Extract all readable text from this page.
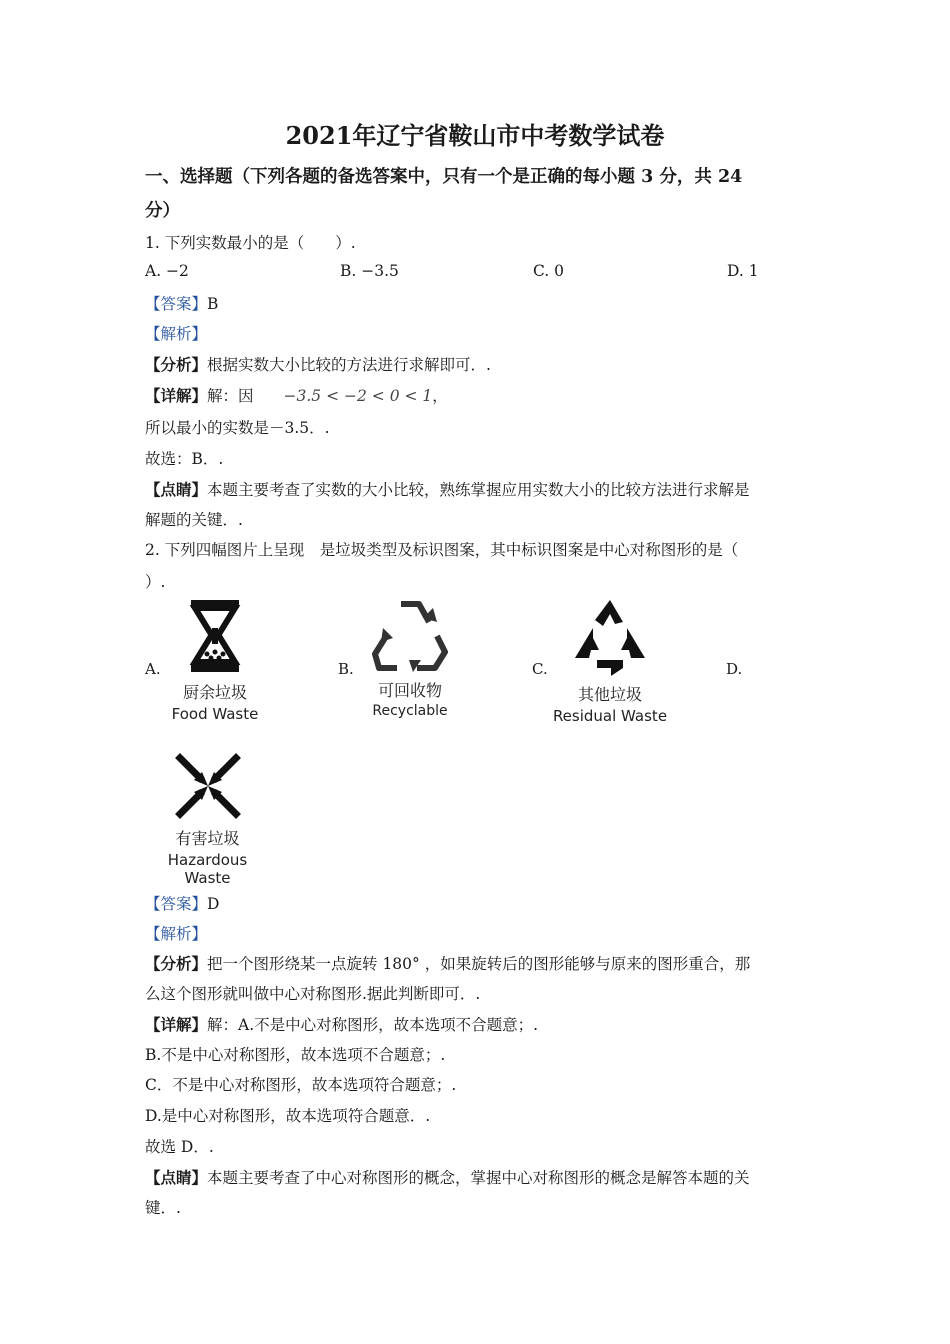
2021年辽宁省鞍山市中考数学试卷
一、选择题（下列各题的备选答案中，只有一个是正确的每小题 3 分，共 24
分）
1. 下列实数最小的是（　　）.
A. −2	B. −3.5	C. 0	D. 1
【答案】B
【解析】
【分析】根据实数大小比较的方法进行求解即可．.
【详解】解：因 −3.5 < −2 < 0 < 1，
所以最小的实数是－3.5．.
故选：B．.
【点睛】本题主要考查了实数的大小比较，熟练掌握应用实数大小的比较方法进行求解是
解题的关键．.
2. 下列四幅图片上呈现　是垃圾类型及标识图案，其中标识图案是中心对称图形的是（
）.
A.	B.	C.	D.
厨余垃圾
Food Waste
可回收物
Recyclable
其他垃圾
Residual Waste
有害垃圾
Hazardous Waste
【答案】D
【解析】
【分析】把一个图形绕某一点旋转 180° ，如果旋转后的图形能够与原来的图形重合，那
么这个图形就叫做中心对称图形.据此判断即可．.
【详解】解：A.不是中心对称图形，故本选项不合题意；.
B.不是中心对称图形，故本选项不合题意；.
C．不是中心对称图形，故本选项符合题意；.
D.是中心对称图形，故本选项符合题意．.
故选 D．.
【点睛】本题主要考查了中心对称图形的概念，掌握中心对称图形的概念是解答本题的关
键．.
